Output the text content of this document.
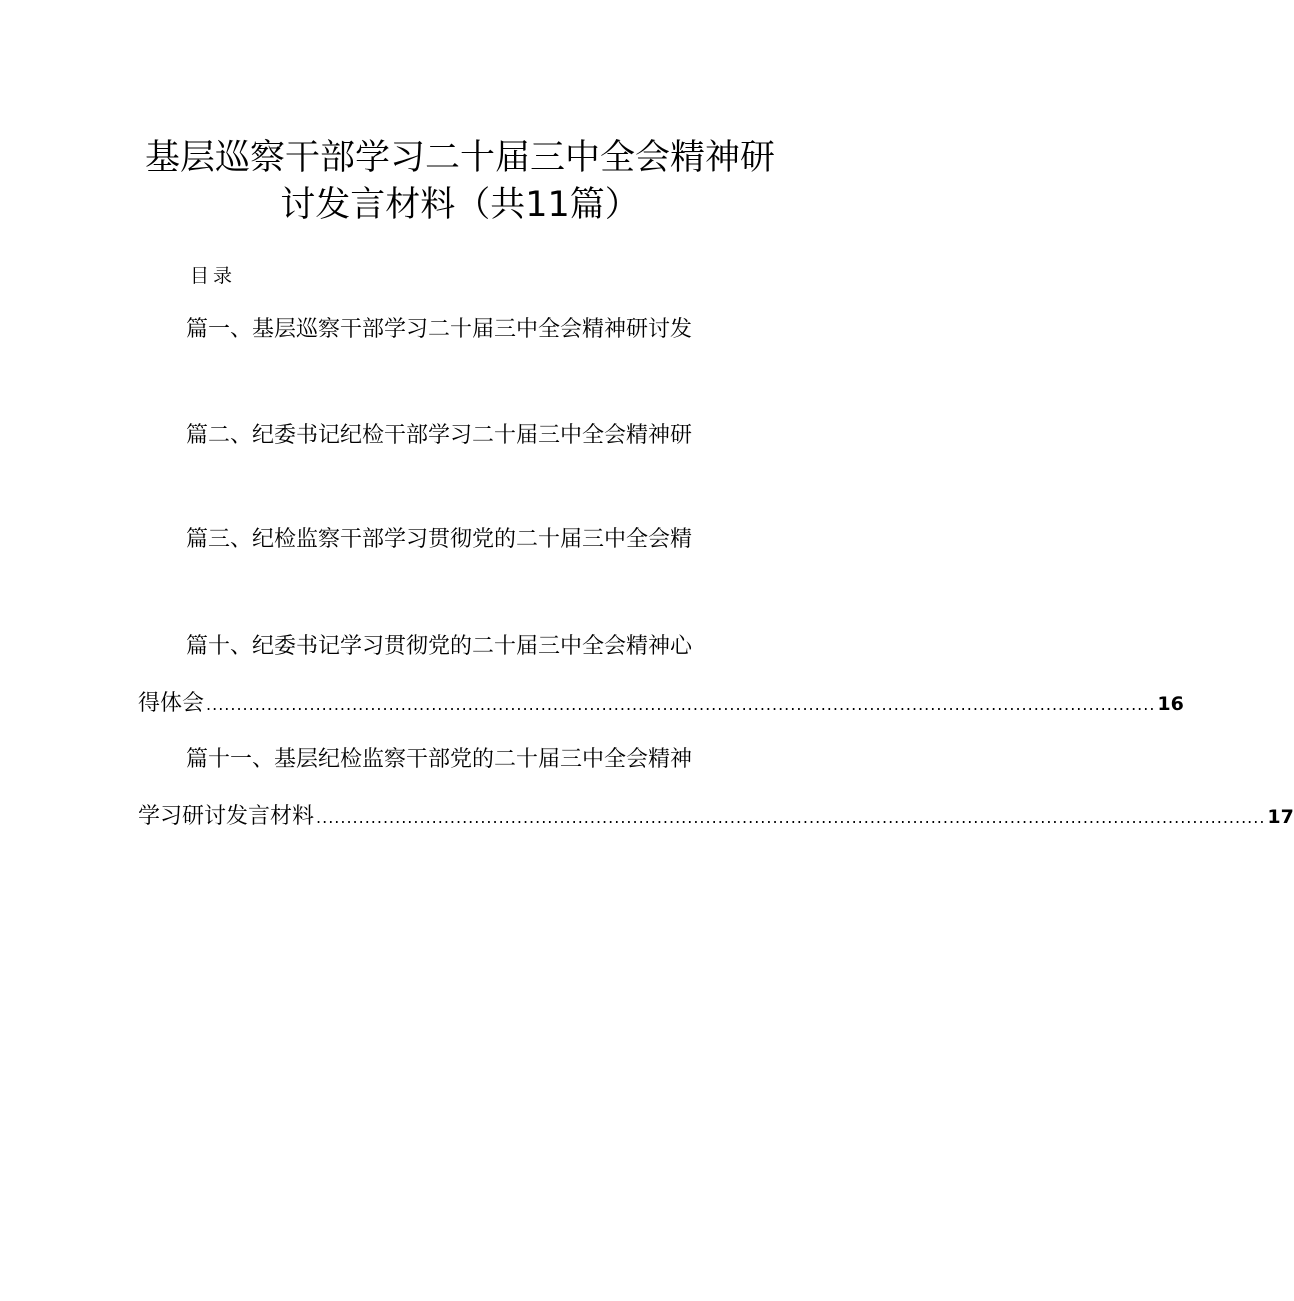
基层巡察干部学习二十届三中全会精神研
讨发言材料（共11篇）
目录
篇一、基层巡察干部学习二十届三中全会精神研讨发
篇二、纪委书记纪检干部学习二十届三中全会精神研
篇三、纪检监察干部学习贯彻党的二十届三中全会精
篇十、纪委书记学习贯彻党的二十届三中全会精神心
得体会 ............................................................................................................................................................ 16
篇十一、基层纪检监察干部党的二十届三中全会精神
学习研讨发言材料 ............................................................................................................................................................ 17
